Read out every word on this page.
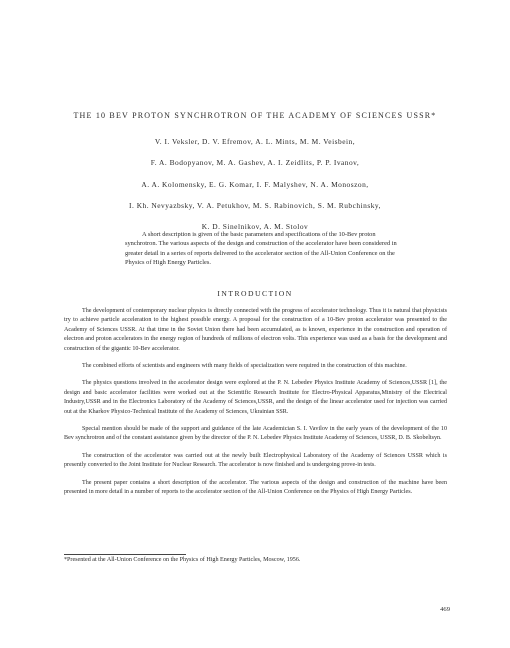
THE 10 BEV PROTON SYNCHROTRON OF THE ACADEMY OF SCIENCES USSR*
V. I. Veksler, D. V. Efremov, A. L. Mints, M. M. Veisbein,
F. A. Bodopyanov, M. A. Gashev, A. I. Zeidlits, P. P. Ivanov,
A. A. Kolomensky, E. G. Komar, I. F. Malyshev, N. A. Monoszon,
I. Kh. Nevyazbsky, V. A. Petukhov, M. S. Rabinovich, S. M. Rubchinsky,
K. D. Sinelnikov, A. M. Stolov

A short description is given of the basic parameters and specifications of the 10-Bev proton synchrotron. The various aspects of the design and construction of the accelerator have been considered in greater detail in a series of reports delivered to the accelerator section of the All-Union Conference on the Physics of High Energy Particles.

INTRODUCTION

The development of contemporary nuclear physics is directly connected with the progress of accelerator technology. Thus it is natural that physicists try to achieve particle acceleration to the highest possible energy. A proposal for the construction of a 10-Bev proton accelerator was presented to the Academy of Sciences USSR. At that time in the Soviet Union there had been accumulated, as is known, experience in the construction and operation of electron and proton accelerators in the energy region of hundreds of millions of electron volts. This experience was used as a basis for the development and construction of the gigantic 10-Bev accelerator.

The combined efforts of scientists and engineers with many fields of specialization were required in the construction of this machine.

The physics questions involved in the accelerator design were explored at the P. N. Lebedev Physics Institute Academy of Sciences,USSR [1], the design and basic accelerator facilities were worked out at the Scientific Research Institute for Electro-Physical Apparatus,Ministry of the Electrical Industry,USSR and in the Electronics Laboratory of the Academy of Sciences,USSR, and the design of the linear accelerator used for injection was carried out at the Kharkov Physico-Technical Institute of the Academy of Sciences, Ukrainian SSR.

Special mention should be made of the support and guidance of the late Academician S. I. Vavilov in the early years of the development of the 10 Bev synchrotron and of the constant assistance given by the director of the P. N. Lebedev Physics Institute Academy of Sciences, USSR, D. B. Skobeltsyn.

The construction of the accelerator was carried out at the newly built Electrophysical Laboratory of the Academy of Sciences USSR which is presently converted to the Joint Institute for Nuclear Research. The accelerator is now finished and is undergoing prove-in tests.

The present paper contains a short description of the accelerator. The various aspects of the design and construction of the machine have been presented in more detail in a number of reports to the accelerator section of the All-Union Conference on the Physics of High Energy Particles.

*Presented at the All-Union Conference on the Physics of High Energy Particles, Moscow, 1956.
469
